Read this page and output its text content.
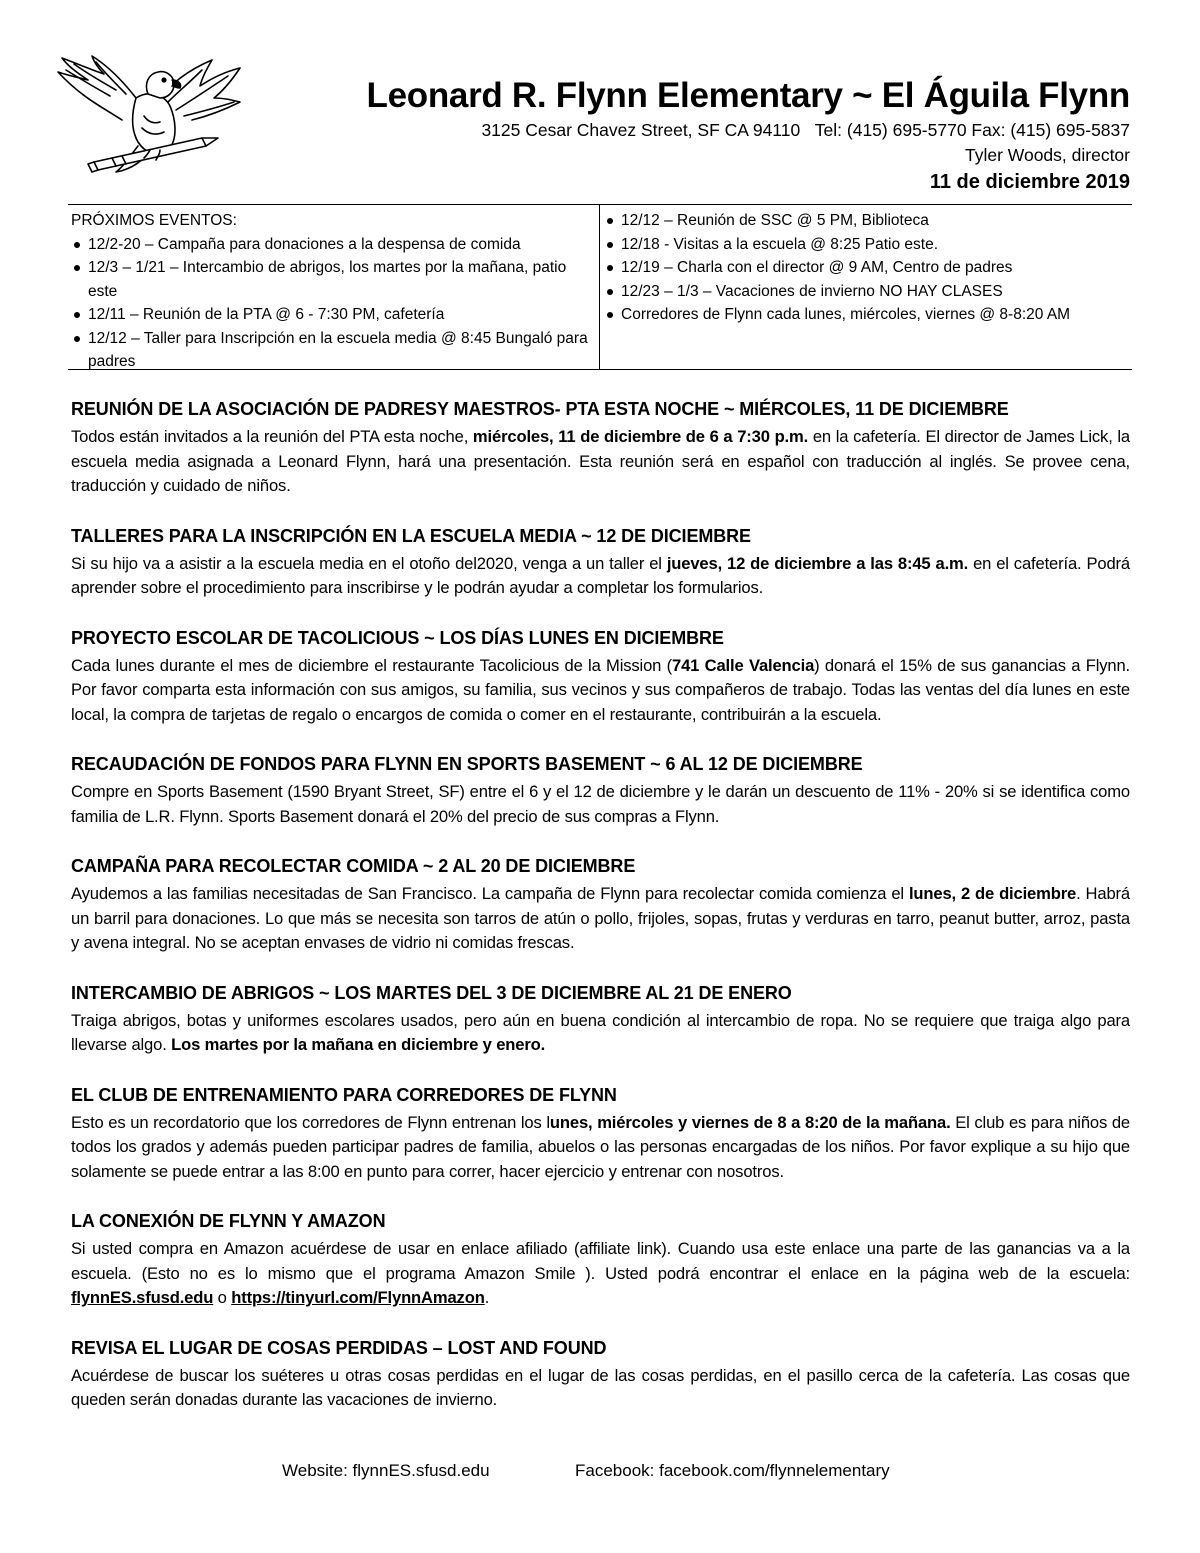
Leonard R. Flynn Elementary ~ El Águila Flynn
3125 Cesar Chavez Street, SF CA 94110 Tel: (415) 695-5770 Fax: (415) 695-5837
Tyler Woods, director
11 de diciembre 2019
PRÓXIMOS EVENTOS:
12/2-20 – Campaña para donaciones a la despensa de comida
12/3 – 1/21 – Intercambio de abrigos, los martes por la mañana, patio este
12/11 – Reunión de la PTA @ 6 - 7:30 PM, cafetería
12/12 – Taller para Inscripción en la escuela media @ 8:45 Bungaló para padres
12/12 – Reunión de SSC @ 5 PM, Biblioteca
12/18 - Visitas a la escuela @ 8:25 Patio este.
12/19 – Charla con el director @ 9 AM, Centro de padres
12/23 – 1/3 – Vacaciones de invierno NO HAY CLASES
Corredores de Flynn cada lunes, miércoles, viernes @ 8-8:20 AM
REUNIÓN DE LA ASOCIACIÓN DE PADRESY MAESTROS- PTA ESTA NOCHE ~ MIÉRCOLES, 11 DE DICIEMBRE

Todos están invitados a la reunión del PTA esta noche, miércoles, 11 de diciembre de 6 a 7:30 p.m. en la cafetería. El director de James Lick, la escuela media asignada a Leonard Flynn, hará una presentación. Esta reunión será en español con traducción al inglés. Se provee cena, traducción y cuidado de niños.

TALLERES PARA LA INSCRIPCIÓN EN LA ESCUELA MEDIA ~ 12 DE DICIEMBRE

Si su hijo va a asistir a la escuela media en el otoño del2020, venga a un taller el jueves, 12 de diciembre a las 8:45 a.m. en el cafetería. Podrá aprender sobre el procedimiento para inscribirse y le podrán ayudar a completar los formularios.

PROYECTO ESCOLAR DE TACOLICIOUS ~ LOS DÍAS LUNES EN DICIEMBRE

Cada lunes durante el mes de diciembre el restaurante Tacolicious de la Mission (741 Calle Valencia) donará el 15% de sus ganancias a Flynn. Por favor comparta esta información con sus amigos, su familia, sus vecinos y sus compañeros de trabajo. Todas las ventas del día lunes en este local, la compra de tarjetas de regalo o encargos de comida o comer en el restaurante, contribuirán a la escuela.

RECAUDACIÓN DE FONDOS PARA FLYNN EN SPORTS BASEMENT ~ 6 AL 12 DE DICIEMBRE

Compre en Sports Basement (1590 Bryant Street, SF) entre el 6 y el 12 de diciembre y le darán un descuento de 11% - 20% si se identifica como familia de L.R. Flynn. Sports Basement donará el 20% del precio de sus compras a Flynn.

CAMPAÑA PARA RECOLECTAR COMIDA ~ 2 AL 20 DE DICIEMBRE

Ayudemos a las familias necesitadas de San Francisco. La campaña de Flynn para recolectar comida comienza el lunes, 2 de diciembre. Habrá un barril para donaciones. Lo que más se necesita son tarros de atún o pollo, frijoles, sopas, frutas y verduras en tarro, peanut butter, arroz, pasta y avena integral. No se aceptan envases de vidrio ni comidas frescas.

INTERCAMBIO DE ABRIGOS ~ LOS MARTES DEL 3 DE DICIEMBRE AL 21 DE ENERO

Traiga abrigos, botas y uniformes escolares usados, pero aún en buena condición al intercambio de ropa. No se requiere que traiga algo para llevarse algo. Los martes por la mañana en diciembre y enero.

EL CLUB DE ENTRENAMIENTO PARA CORREDORES DE FLYNN

Esto es un recordatorio que los corredores de Flynn entrenan los lunes, miércoles y viernes de 8 a 8:20 de la mañana. El club es para niños de todos los grados y además pueden participar padres de familia, abuelos o las personas encargadas de los niños. Por favor explique a su hijo que solamente se puede entrar a las 8:00 en punto para correr, hacer ejercicio y entrenar con nosotros.

LA CONEXIÓN DE FLYNN Y AMAZON

Si usted compra en Amazon acuérdese de usar en enlace afiliado (affiliate link). Cuando usa este enlace una parte de las ganancias va a la escuela. (Esto no es lo mismo que el programa Amazon Smile ). Usted podrá encontrar el enlace en la página web de la escuela: flynnES.sfusd.edu o https://tinyurl.com/FlynnAmazon.

REVISA EL LUGAR DE COSAS PERDIDAS – LOST AND FOUND

Acuérdese de buscar los suéteres u otras cosas perdidas en el lugar de las cosas perdidas, en el pasillo cerca de la cafetería. Las cosas que queden serán donadas durante las vacaciones de invierno.

Website: flynnES.sfusd.edu	Facebook: facebook.com/flynnelementary
